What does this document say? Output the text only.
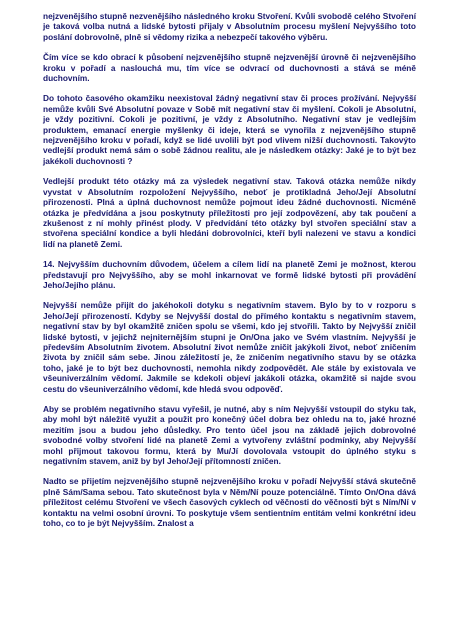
nejzvenějšího stupně nezvenějšího následného kroku Stvoření. Kvůli svobodě celého Stvoření je taková volba nutná a lidské bytosti přijaly v Absolutním procesu myšlení Nejvyššího toto poslání dobrovolně, plně si vědomy rizika a nebezpečí takového výběru.

Čím více se kdo obrací k působení nejzvenějšího stupně nejzvenější úrovně či nejzvenějšího kroku v pořadí a naslouchá mu, tím více se odvrací od duchovnosti a stává se méně duchovním.

Do tohoto časového okamžiku neexistoval žádný negativní stav či proces prožívání. Nejvyšší nemůže kvůli Své Absolutní povaze v Sobě mít negativní stav či myšlení. Cokoli je Absolutní, je vždy pozitivní. Cokoli je pozitivní, je vždy z Absolutního. Negativní stav je vedlejším produktem, emanací energie myšlenky či ideje, která se vynořila z nejzvenějšího stupně nejzvenějšího kroku v pořadí, když se lidé uvolili být pod vlivem nižší duchovnosti. Takovýto vedlejší produkt nemá sám o sobě žádnou realitu, ale je následkem otázky: Jaké je to být bez jakékoli duchovnosti ?

Vedlejší produkt této otázky má za výsledek negativní stav. Taková otázka nemůže nikdy vyvstat v Absolutním rozpoložení Nejvyššího, neboť je protikladná Jeho/Její Absolutní přirozenosti. Plná a úplná duchovnost nemůže pojmout ideu žádné duchovnosti. Nicméně otázka je předvídána a jsou poskytnuty příležitosti pro její zodpovězení, aby tak poučení a zkušenost z ní mohly přinést plody. V předvídání této otázky byl stvořen speciální stav a stvořena speciální kondice a byli hledáni dobrovolníci, kteří byli nalezeni ve stavu a kondici lidí na planetě Zemi.

14. Nejvyšším duchovním důvodem, účelem a cílem lidí na planetě Zemi je možnost, kterou představují pro Nejvyššího, aby se mohl inkarnovat ve formě lidské bytosti při provádění Jeho/Jejího plánu.

Nejvyšší nemůže přijít do jakéhokoli dotyku s negativním stavem. Bylo by to v rozporu s Jeho/Její přirozeností. Kdyby se Nejvyšší dostal do přímého kontaktu s negativním stavem, negativní stav by byl okamžitě zničen spolu se všemi, kdo jej stvořili. Takto by Nejvyšší zničil lidské bytosti, v jejichž nejniternějším stupni je On/Ona jako ve Svém vlastním. Nejvyšší je především Absolutním životem. Absolutní život nemůže zničit jakýkoli život, neboť zničením života by zničil sám sebe. Jinou záležitostí je, že zničením negativního stavu by se otázka toho, jaké je to být bez duchovnosti, nemohla nikdy zodpovědět. Ale stále by existovala ve všeuniverzálním vědomí. Jakmile se kdekoli objeví jakákoli otázka, okamžitě si najde svou cestu do všeuniverzálního vědomí, kde hledá svou odpověď.

Aby se problém negativního stavu vyřešil, je nutné, aby s ním Nejvyšší vstoupil do styku tak, aby mohl být náležitě využit a použit pro konečný účel dobra bez ohledu na to, jaké hrozné mezitím jsou a budou jeho důsledky. Pro tento účel jsou na základě jejich dobrovolné svobodné volby stvoření lidé na planetě Zemi a vytvořeny zvláštní podmínky, aby Nejvyšší mohl přijmout takovou formu, která by Mu/Jí dovolovala vstoupit do úplného styku s negativním stavem, aniž by byl Jeho/Její přítomností zničen.

Nadto se přijetím nejzvenějšího stupně nejzvenějšího kroku v pořadí Nejvyšší stává skutečně plně Sám/Sama sebou. Tato skutečnost byla v Něm/Ní pouze potenciálně. Tímto On/Ona dává příležitost celému Stvoření ve všech časových cyklech od věčnosti do věčnosti být s Ním/Ní v kontaktu na velmi osobní úrovni. To poskytuje všem sentientním entitám velmi konkrétní ideu toho, co to je být Nejvyšším. Znalost a
